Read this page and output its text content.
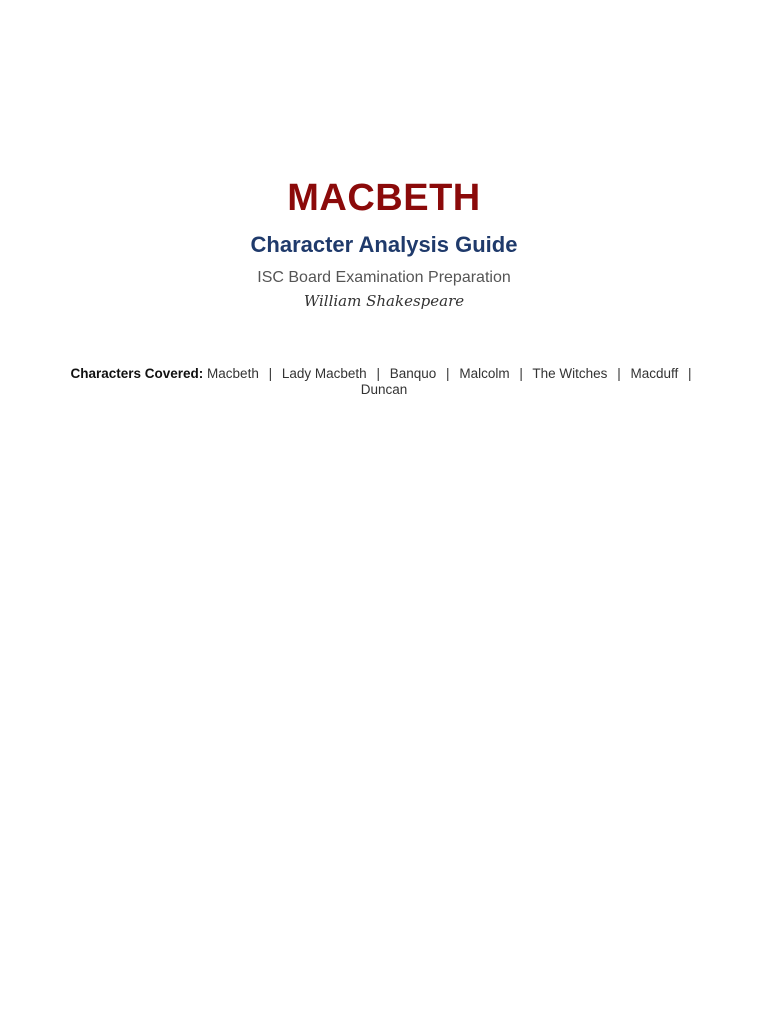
MACBETH
Character Analysis Guide
ISC Board Examination Preparation
William Shakespeare
Characters Covered: Macbeth | Lady Macbeth | Banquo | Malcolm | The Witches | Macduff | Duncan
